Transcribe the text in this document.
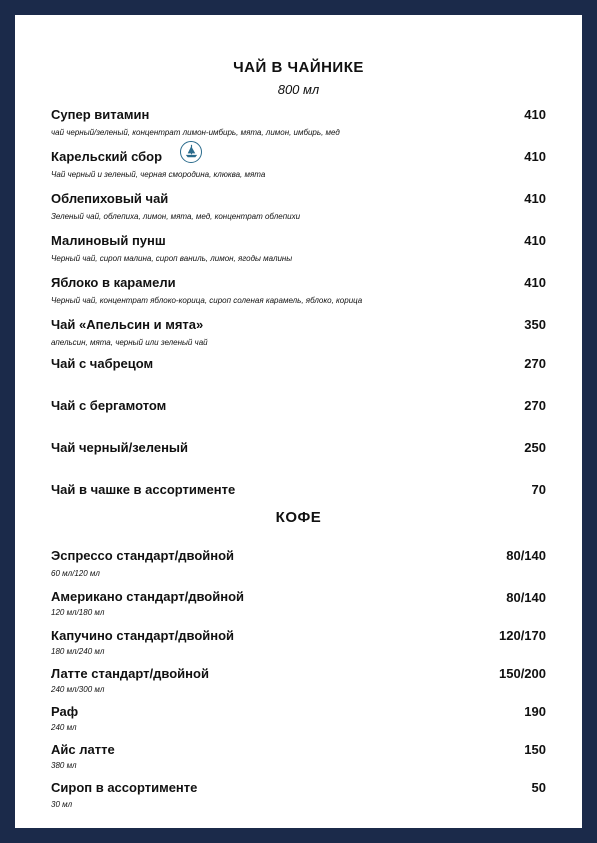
ЧАЙ В ЧАЙНИКЕ
800 мл
Супер витамин	410
чай черный/зеленый, концентрат лимон-имбирь, мята, лимон, имбирь, мед
Карельский сбор	410
Чай черный и зеленый, черная смородина, клюква, мята
Облепиховый чай	410
Зеленый чай, облепиха, лимон, мята, мед, концентрат облепихи
Малиновый пунш	410
Черный чай, сироп малина, сироп ваниль, лимон, ягоды малины
Яблоко в карамели	410
Черный чай, концентрат яблоко-корица, сироп соленая карамель, яблоко, корица
Чай «Апельсин и мята»	350
апельсин, мята, черный или зеленый чай
Чай с чабрецом	270
Чай с бергамотом	270
Чай черный/зеленый	250
Чай в чашке в ассортименте	70
КОФЕ
Эспрессо стандарт/двойной	80/140
60 мл/120 мл
Американо стандарт/двойной	80/140
120 мл/180 мл
Капучино стандарт/двойной	120/170
180 мл/240 мл
Латте стандарт/двойной	150/200
240 мл/300 мл
Раф	190
240 мл
Айс латте	150
380 мл
Сироп в ассортименте	50
30 мл
